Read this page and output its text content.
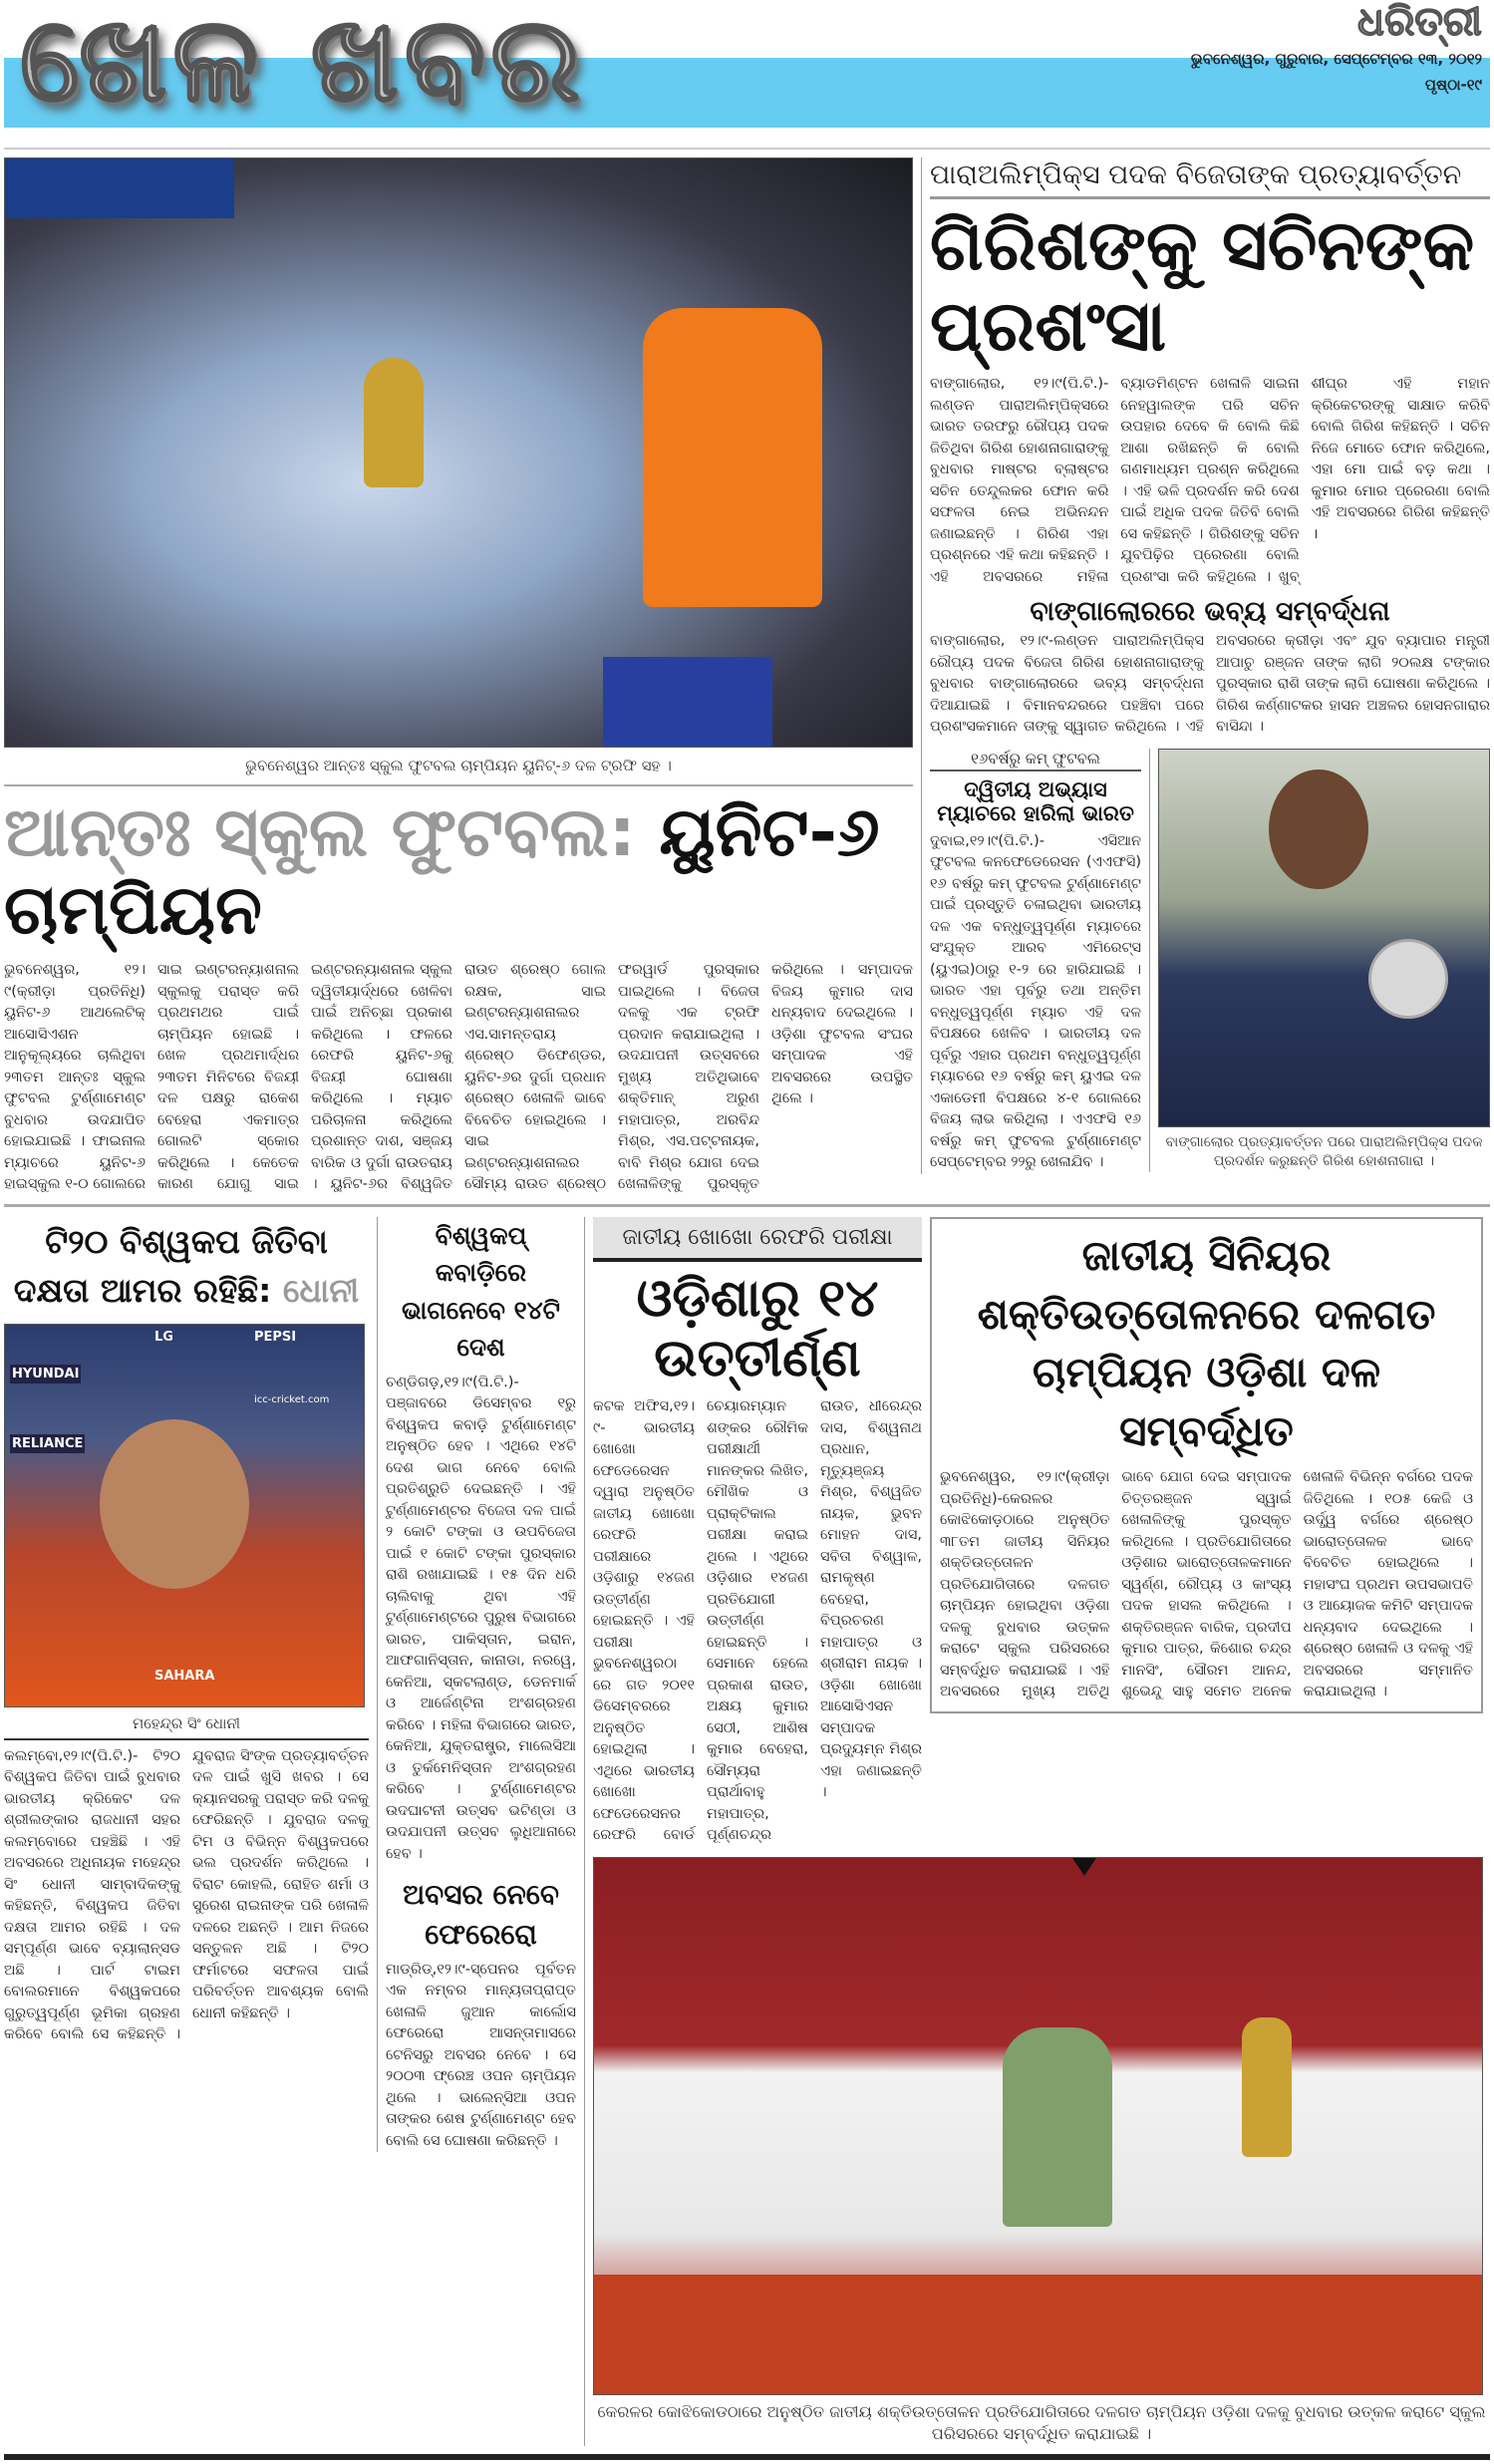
ଖେଳ ଖବର	ଧରିତ୍ରୀ
ଭୁବନେଶ୍ୱର, ଗୁରୁବାର, ସେପ୍ଟେମ୍ବର ୧୩, ୨୦୧୨
ପୃଷ୍ଠା-୧୯
ଭୁବନେଶ୍ୱର ଆନ୍ତଃ ସ୍କୁଲ ଫୁଟବଲ ଚାମ୍ପିୟନ ୟୁନିଟ୍-୬ ଦଳ ଟ୍ରଫି ସହ ।
ଆନ୍ତଃ ସ୍କୁଲ ଫୁଟବଲ: ୟୁନିଟ-୬ ଚାମ୍ପିୟନ
ଭୁବନେଶ୍ୱର, ୧୨।୯(କ୍ରୀଡ଼ା ପ୍ରତିନିଧି) ୟୁନିଟ-୬ ଆଥଲେଟିକ୍ ଆସୋସିଏଶନ ଆନୁକୂଲ୍ୟରେ ଚାଲିଥିବା ୨୩ତମ ଆନ୍ତଃ ସ୍କୁଲ ଫୁଟବଲ ଟୁର୍ଣ୍ଣାମେଣ୍ଟ ବୁଧବାର ଉଦଯାପିତ ହୋଇଯାଇଛି । ଫାଇନାଲ ମ୍ୟାଚରେ ୟୁନିଟ-୬ ହାଇସ୍କୁଲ ୧-୦ ଗୋଲରେ ସାଇ ଇଣ୍ଟରନ୍ୟାଶନାଲ ସ୍କୁଲକୁ ପରାସ୍ତ କରି ପ୍ରଥମଥର ପାଇଁ ଚାମ୍ପିୟନ ହୋଇଛି । ଖେଳ ପ୍ରଥମାର୍ଦ୍ଧର ୨୩ତମ ମିନିଟରେ ବିଜୟୀ ଦଳ ପକ୍ଷରୁ ରାକେଶ ବେହେରା ଏକମାତ୍ର ଗୋଲଟି ସ୍କୋର କରିଥିଲେ । କେତେକ କାରଣ ଯୋଗୁ ସାଇ ଇଣ୍ଟରନ୍ୟାଶନାଲ ସ୍କୁଲ ଦ୍ୱିତୀୟାର୍ଦ୍ଧରେ ଖେଳିବା ପାଇଁ ଅନିଚ୍ଛା ପ୍ରକାଶ କରିଥିଲେ । ଫଳରେ ରେଫରି ୟୁନିଟ-୬କୁ ବିଜୟୀ ଘୋଷଣା କରିଥିଲେ । ମ୍ୟାଚ ପରିଚାଳନା କରିଥିଲେ ପ୍ରଶାନ୍ତ ଦାଶ, ସଞ୍ଜୟ ବାରିକ ଓ ଦୁର୍ଗା ରାଉତରାୟ । ୟୁନିଟ-୬ର ବିଶ୍ୱଜିତ ରାଉତ ଶ୍ରେଷ୍ଠ ଗୋଲ ରକ୍ଷକ, ସାଇ ଇଣ୍ଟରନ୍ୟାଶନାଲର ଏସ.ସାମନ୍ତରାୟ ଶ୍ରେଷ୍ଠ ଡିଫେଣ୍ଡର, ୟୁନିଟ-୬ର ଦୁର୍ଗା ପ୍ରଧାନ ଶ୍ରେଷ୍ଠ ଖେଳାଳି ଭାବେ ବିବେଚିତ ହୋଇଥିଲେ । ସାଇ ଇଣ୍ଟରନ୍ୟାଶନାଲର ସୌମ୍ୟ ରାଉତ ଶ୍ରେଷ୍ଠ ଫରୱାର୍ଡ ପୁରସ୍କାର ପାଇଥିଲେ । ବିଜେତା ଦଳକୁ ଏକ ଟ୍ରଫି ପ୍ରଦାନ କରାଯାଇଥିଲା । ଉଦଯାପନୀ ଉତ୍ସବରେ ମୁଖ୍ୟ ଅତିଥିଭାବେ ଶକ୍ତିମାନ୍ ଅରୁଣ ମହାପାତ୍ର, ଅରବିନ୍ଦ ମିଶ୍ର, ଏସ.ପଟ୍ଟନାୟକ, ବାବି ମିଶ୍ର ଯୋଗ ଦେଇ ଖେଳାଳିଙ୍କୁ ପୁରସ୍କୃତ କରିଥିଲେ । ସମ୍ପାଦକ ବିଜୟ କୁମାର ଦାସ ଧନ୍ୟବାଦ ଦେଇଥିଲେ । ଓଡ଼ିଶା ଫୁଟବଲ ସଂଘର ସମ୍ପାଦକ ଏହି ଅବସରରେ ଉପସ୍ଥିତ ଥିଲେ ।
ପାରାଅଲିମ୍ପିକ୍ସ ପଦକ ବିଜେତାଙ୍କ ପ୍ରତ୍ୟାବର୍ତ୍ତନ
ଗିରିଶଙ୍କୁ ସଚିନଙ୍କ ପ୍ରଶଂସା
ବାଙ୍ଗାଲୋର, ୧୨।୯(ପି.ଟି.)- ଲଣ୍ଡନ ପାରାଅଲିମ୍ପିକ୍ସରେ ଭାରତ ତରଫରୁ ରୌପ୍ୟ ପଦକ ଜିତିଥିବା ଗିରିଶ ହୋଶନାଗାରାଙ୍କୁ ବୁଧବାର ମାଷ୍ଟର ବ୍ଲାଷ୍ଟର ସଚିନ ତେନ୍ଦୁଲକର ଫୋନ କରି ସଫଳତା ନେଇ ଅଭିନନ୍ଦନ ଜଣାଇଛନ୍ତି । ଗିରିଶ ଏହା ପ୍ରଶ୍ନରେ ଏହି କଥା କହିଛନ୍ତି । ଏହି ଅବସରରେ ମହିଳା ବ୍ୟାଡମିଣ୍ଟନ ଖେଳାଳି ସାଇନା ନେହୱାଲଙ୍କ ପରି ସଚିନ ଉପହାର ଦେବେ କି ବୋଲି କିଛି ଆଶା ରଖିଛନ୍ତି କି ବୋଲି ଗଣମାଧ୍ୟମ ପ୍ରଶ୍ନ କରିଥିଲେ । ଏହି ଭଳି ପ୍ରଦର୍ଶନ କରି ଦେଶ ପାଇଁ ଅଧିକ ପଦକ ଜିତିବି ବୋଲି ସେ କହିଛନ୍ତି । ଗିରିଶଙ୍କୁ ସଚିନ ଯୁବପିଢ଼ିର ପ୍ରେରଣା ବୋଲି ପ୍ରଶଂସା କରି କହିଥିଲେ । ଖୁବ୍ ଶୀଘ୍ର ଏହି ମହାନ କ୍ରିକେଟରଙ୍କୁ ସାକ୍ଷାତ କରିବି ବୋଲି ଗିରିଶ କହିଛନ୍ତି । ସଚିନ ନିଜେ ମୋତେ ଫୋନ କରିଥିଲେ, ଏହା ମୋ ପାଇଁ ବଡ଼ କଥା । କୁମାର ମୋର ପ୍ରେରଣା ବୋଲି ଏହି ଅବସରରେ ଗିରିଶ କହିଛନ୍ତି ।
ବାଙ୍ଗାଲୋରରେ ଭବ୍ୟ ସମ୍ବର୍ଦ୍ଧନା
ବାଙ୍ଗାଲୋର, ୧୨।୯-ଲଣ୍ଡନ ପାରାଅଲିମ୍ପିକ୍ସ ରୌପ୍ୟ ପଦକ ବିଜେତା ଗିରିଶ ହୋଶନାଗାରାଙ୍କୁ ବୁଧବାର ବାଙ୍ଗାଲୋରରେ ଭବ୍ୟ ସମ୍ବର୍ଦ୍ଧନା ଦିଆଯାଇଛି । ବିମାନବନ୍ଦରରେ ପହଞ୍ଚିବା ପରେ ପ୍ରଶଂସକମାନେ ତାଙ୍କୁ ସ୍ୱାଗତ କରିଥିଲେ । ଏହି ଅବସରରେ କ୍ରୀଡ଼ା ଏବଂ ଯୁବ ବ୍ୟାପାର ମନ୍ତ୍ରୀ ଆପାଚୁ ରଞ୍ଜନ ତାଙ୍କ ଲାଗି ୨୦ଲକ୍ଷ ଟଙ୍କାର ପୁରସ୍କାର ରାଶି ତାଙ୍କ ଲାଗି ଘୋଷଣା କରିଥିଲେ । ଗିରିଶ କର୍ଣ୍ଣାଟକର ହାସନ ଅଞ୍ଚଳର ହୋସନଗାରାର ବାସିନ୍ଦା ।
୧୬ବର୍ଷରୁ କମ୍ ଫୁଟବଲ
ଦ୍ୱିତୀୟ ଅଭ୍ୟାସ ମ୍ୟାଚରେ ହାରିଲା ଭାରତ
ଦୁବାଇ,୧୨।୯(ପି.ଟି.)- ଏସିଆନ ଫୁଟବଲ କନଫେଡେରେସନ (ଏଏଫସି) ୧୬ ବର୍ଷରୁ କମ୍ ଫୁଟବଲ ଟୁର୍ଣ୍ଣାମେଣ୍ଟ ପାଇଁ ପ୍ରସ୍ତୁତି ଚଳାଇଥିବା ଭାରତୀୟ ଦଳ ଏକ ବନ୍ଧୁତ୍ୱପୂର୍ଣ୍ଣ ମ୍ୟାଚରେ ସଂଯୁକ୍ତ ଆରବ ଏମିରେଟ୍ସ (ୟୁଏଇ)ଠାରୁ ୧-୨ ରେ ହାରିଯାଇଛି । ଭାରତ ଏହା ପୂର୍ବରୁ ତଥା ଅନ୍ତିମ ବନ୍ଧୁତ୍ୱପୂର୍ଣ୍ଣ ମ୍ୟାଚ ଏହି ଦଳ ବିପକ୍ଷରେ ଖେଳିବ । ଭାରତୀୟ ଦଳ ପୂର୍ବରୁ ଏହାର ପ୍ରଥମ ବନ୍ଧୁତ୍ୱପୂର୍ଣ୍ଣ ମ୍ୟାଚରେ ୧୬ ବର୍ଷରୁ କମ୍ ୟୁଏଇ ଦଳ ଏକାଡେମୀ ବିପକ୍ଷରେ ୪-୧ ଗୋଲରେ ବିଜୟ ଲାଭ କରିଥିଲା । ଏଏଫସି ୧୬ ବର୍ଷରୁ କମ୍ ଫୁଟବଲ ଟୁର୍ଣ୍ଣାମେଣ୍ଟ ସେପ୍ଟେମ୍ବର ୨୨ରୁ ଖେଳାଯିବ ।
ବାଙ୍ଗାଲୋର ପ୍ରତ୍ୟାବର୍ତ୍ତନ ପରେ ପାରାଅଲିମ୍ପିକ୍ସ ପଦକ ପ୍ରଦର୍ଶନ କରୁଛନ୍ତି ଗିରିଶ ହୋଶନାଗାରା ।
ଟି୨୦ ବିଶ୍ୱକପ ଜିତିବା ଦକ୍ଷତା ଆମର ରହିଛି: ଧୋନୀ
HYUNDAI
RELIANCE
LG	PEPSI
SAHARA
icc-cricket.com
ମହେନ୍ଦ୍ର ସିଂ ଧୋନୀ
କଲମ୍ବୋ,୧୨।୯(ପି.ଟି.)- ଟି୨୦ ବିଶ୍ୱକପ ଜିତିବା ପାଇଁ ବୁଧବାର ଭାରତୀୟ କ୍ରିକେଟ ଦଳ ଶ୍ରୀଲଙ୍କାର ରାଜଧାନୀ ସହର କଲମ୍ବୋରେ ପହଞ୍ଚିଛି । ଏହି ଅବସରରେ ଅଧିନାୟକ ମହେନ୍ଦ୍ର ସିଂ ଧୋନୀ ସାମ୍ବାଦିକଙ୍କୁ କହିଛନ୍ତି, ବିଶ୍ୱକପ ଜିତିବା ଦକ୍ଷତା ଆମର ରହିଛି । ଦଳ ସମ୍ପୂର୍ଣ୍ଣ ଭାବେ ବ୍ୟାଲାନ୍ସଡ ଅଛି । ପାର୍ଟ ଟାଇମ ବୋଲରମାନେ ବିଶ୍ୱକପରେ ଗୁରୁତ୍ୱପୂର୍ଣ୍ଣ ଭୂମିକା ଗ୍ରହଣ କରିବେ ବୋଲି ସେ କହିଛନ୍ତି । ଯୁବରାଜ ସିଂଙ୍କ ପ୍ରତ୍ୟାବର୍ତ୍ତନ ଦଳ ପାଇଁ ଖୁସି ଖବର । ସେ କ୍ୟାନସରକୁ ପରାସ୍ତ କରି ଦଳକୁ ଫେରିଛନ୍ତି । ଯୁବରାଜ ଦଳକୁ ଟିମ ଓ ବିଭିନ୍ନ ବିଶ୍ୱକପରେ ଭଲ ପ୍ରଦର୍ଶନ କରିଥିଲେ । ବିରାଟ କୋହଲି, ରୋହିତ ଶର୍ମା ଓ ସୁରେଶ ରାଇନାଙ୍କ ପରି ଖେଳାଳି ଦଳରେ ଅଛନ୍ତି । ଆମ ନିଜରେ ସନ୍ତୁଳନ ଅଛି । ଟି୨୦ ଫର୍ମାଟରେ ସଫଳତା ପାଇଁ ପରିବର୍ତ୍ତନ ଆବଶ୍ୟକ ବୋଲି ଧୋନୀ କହିଛନ୍ତି ।
ବିଶ୍ୱକପ୍ କବାଡ଼ିରେ ଭାଗନେବେ ୧୪ଟି ଦେଶ
ଚଣ୍ଡିଗଡ଼,୧୨।୯(ପି.ଟି.)- ପଞ୍ଜାବରେ ଡିସେମ୍ବର ୧ରୁ ବିଶ୍ୱକପ କବାଡ଼ି ଟୁର୍ଣ୍ଣାମେଣ୍ଟ ଅନୁଷ୍ଠିତ ହେବ । ଏଥିରେ ୧୪ଟି ଦେଶ ଭାଗ ନେବେ ବୋଲି ପ୍ରତିଶ୍ରୁତି ଦେଇଛନ୍ତି । ଏହି ଟୁର୍ଣ୍ଣାମେଣ୍ଟର ବିଜେତା ଦଳ ପାଇଁ ୨ କୋଟି ଟଙ୍କା ଓ ଉପବିଜେତା ପାଇଁ ୧ କୋଟି ଟଙ୍କା ପୁରସ୍କାର ରାଶି ରଖାଯାଇଛି । ୧୫ ଦିନ ଧରି ଚାଲିବାକୁ ଥିବା ଏହି ଟୁର୍ଣ୍ଣାମେଣ୍ଟରେ ପୁରୁଷ ବିଭାଗରେ ଭାରତ, ପାକିସ୍ତାନ, ଇରାନ, ଆଫଗାନିସ୍ତାନ, କାନାଡା, ନରୱେ, କେନିଆ, ସ୍କଟଲାଣ୍ଡ, ଡେନମାର୍କ ଓ ଆର୍ଜେଣ୍ଟିନା ଅଂଶଗ୍ରହଣ କରିବେ । ମହିଳା ବିଭାଗରେ ଭାରତ, କେନିଆ, ଯୁକ୍ତରାଷ୍ଟ୍ର, ମାଲେସିଆ ଓ ତୁର୍କମେନିସ୍ତାନ ଅଂଶଗ୍ରହଣ କରିବେ । ଟୁର୍ଣ୍ଣାମେଣ୍ଟର ଉଦଘାଟନୀ ଉତ୍ସବ ଭଟିଣ୍ଡା ଓ ଉଦଯାପନୀ ଉତ୍ସବ ଲୁଧିଆନାରେ ହେବ ।
ଅବସର ନେବେ ଫେରେରୋ
ମାଡ୍ରିଡ୍,୧୨।୯-ସ୍ପେନର ପୂର୍ବତନ ଏକ ନମ୍ବର ମାନ୍ୟତାପ୍ରାପ୍ତ ଖେଳାଳି ଜୁଆନ କାର୍ଲୋସ ଫେରେରୋ ଆସନ୍ତାମାସରେ ଟେନିସରୁ ଅବସର ନେବେ । ସେ ୨୦୦୩ ଫ୍ରେଞ୍ଚ ଓପନ ଚାମ୍ପିୟନ ଥିଲେ । ଭାଲେନ୍ସିଆ ଓପନ ତାଙ୍କର ଶେଷ ଟୁର୍ଣ୍ଣାମେଣ୍ଟ ହେବ ବୋଲି ସେ ଘୋଷଣା କରିଛନ୍ତି ।
ଜାତୀୟ ଖୋଖୋ ରେଫରି ପରୀକ୍ଷା
ଓଡ଼ିଶାରୁ ୧୪ ଉତ୍ତୀର୍ଣ୍ଣ
କଟକ ଅଫିସ,୧୨।୯- ଭାରତୀୟ ଖୋଖୋ ଫେଡେରେସନ ଦ୍ୱାରା ଅନୁଷ୍ଠିତ ଜାତୀୟ ଖୋଖୋ ରେଫରି ପରୀକ୍ଷାରେ ଓଡ଼ିଶାରୁ ୧୪ଜଣ ଉତ୍ତୀର୍ଣ୍ଣ ହୋଇଛନ୍ତି । ଏହି ପରୀକ୍ଷା ଭୁବନେଶ୍ୱରଠାରେ ଗତ ୨୦୧୧ ଡିସେମ୍ବରରେ ଅନୁଷ୍ଠିତ ହୋଇଥିଲା । ଏଥିରେ ଭାରତୀୟ ଖୋଖୋ ଫେଡେରେସନର ରେଫରି ବୋର୍ଡ ଚେୟାରମ୍ୟାନ ଶଙ୍କର ରୌମିକ ପରୀକ୍ଷାର୍ଥୀ ମାନଙ୍କର ଲିଖିତ, ମୌଖିକ ଓ ପ୍ରାକ୍ଟିକାଲ ପରୀକ୍ଷା କରାଇ ଥିଲେ । ଏଥିରେ ଓଡ଼ିଶାର ୧୪ଜଣ ପ୍ରତିଯୋଗୀ ଉତ୍ତୀର୍ଣ୍ଣ ହୋଇଛନ୍ତି । ସେମାନେ ହେଲେ ପ୍ରକାଶ ରାଉତ, ଅକ୍ଷୟ କୁମାର ସେଠୀ, ଆଶିଷ କୁମାର ବେହେରା, ସୌମ୍ୟରା ପ୍ରାର୍ଥାବାହୁ ମହାପାତ୍ର, ପୂର୍ଣ୍ଣଚନ୍ଦ୍ର ରାଉତ, ଧୀରେନ୍ଦ୍ର ଦାସ, ବିଶ୍ୱନାଥ ପ୍ରଧାନ, ମୃତ୍ୟୁଞ୍ଜୟ ମିଶ୍ର, ବିଶ୍ୱଜିତ ନାୟକ, ଭୁବନ ମୋହନ ଦାସ, ସବିତା ବିଶ୍ୱାଳ, ରାମକୃଷ୍ଣ ବେହେରା, ବିପ୍ରଚରଣ ମହାପାତ୍ର ଓ ଶ୍ରୀରାମ ନାୟକ । ଓଡ଼ିଶା ଖୋଖୋ ଆସୋସିଏସନ ସମ୍ପାଦକ ପ୍ରଦ୍ୟୁମ୍ନ ମିଶ୍ର ଏହା ଜଣାଇଛନ୍ତି ।
ଜାତୀୟ ସିନିୟର ଶକ୍ତିଉତ୍ତୋଳନରେ ଦଳଗତ ଚାମ୍ପିୟନ ଓଡ଼ିଶା ଦଳ ସମ୍ବର୍ଦ୍ଧିତ
ଭୁବନେଶ୍ୱର, ୧୨।୯(କ୍ରୀଡ଼ା ପ୍ରତିନିଧି)-କେରଳର କୋଝିକୋଡ଼ଠାରେ ଅନୁଷ୍ଠିତ ୩୮ତମ ଜାତୀୟ ସିନିୟର ଶକ୍ତିଉତ୍ତୋଳନ ପ୍ରତିଯୋଗିତାରେ ଦଳଗତ ଚାମ୍ପିୟନ ହୋଇଥିବା ଓଡ଼ିଶା ଦଳକୁ ବୁଧବାର ଉତ୍କଳ କରାଟେ ସ୍କୁଲ ପରିସରରେ ସମ୍ବର୍ଦ୍ଧିତ କରାଯାଇଛି । ଏହି ଅବସରରେ ମୁଖ୍ୟ ଅତିଥି ଭାବେ ଯୋଗ ଦେଇ ସମ୍ପାଦକ ଚିତ୍ତରଞ୍ଜନ ସ୍ୱାଇଁ ଖେଳାଳିଙ୍କୁ ପୁରସ୍କୃତ କରିଥିଲେ । ପ୍ରତିଯୋଗିତାରେ ଓଡ଼ିଶାର ଭାରୋତ୍ତୋଳକମାନେ ସ୍ୱର୍ଣ୍ଣ, ରୌପ୍ୟ ଓ କାଂସ୍ୟ ପଦକ ହାସଲ କରିଥିଲେ । ଶକ୍ତିରଞ୍ଜନ ବାରିକ, ପ୍ରଦୀପ କୁମାର ପାତ୍ର, କିଶୋର ଚନ୍ଦ୍ର ମାନସିଂ, ସୌରମ ଆନନ୍ଦ, ଶୁଭେନ୍ଦୁ ସାହୁ ସମେତ ଅନେକ ଖେଳାଳି ବିଭିନ୍ନ ବର୍ଗରେ ପଦକ ଜିତିଥିଲେ । ୧୦୫ କେଜି ଓ ଉର୍ଦ୍ଧ୍ୱ ବର୍ଗରେ ଶ୍ରେଷ୍ଠ ଭାରୋତ୍ତୋଳକ ଭାବେ ବିବେଚିତ ହୋଇଥିଲେ । ମହାସଂଘ ପ୍ରଥମ ଉପସଭାପତି ଓ ଆୟୋଜକ କମିଟି ସମ୍ପାଦକ ଧନ୍ୟବାଦ ଦେଇଥିଲେ । ଶ୍ରେଷ୍ଠ ଖେଳାଳି ଓ ଦଳକୁ ଏହି ଅବସରରେ ସମ୍ମାନିତ କରାଯାଇଥିଲା ।
କେରଳର କୋଝିକୋଡଠାରେ ଅନୁଷ୍ଠିତ ଜାତୀୟ ଶକ୍ତିଉତ୍ତୋଳନ ପ୍ରତିଯୋଗିତାରେ ଦଳଗତ ଚାମ୍ପିୟନ ଓଡ଼ିଶା ଦଳକୁ ବୁଧବାର ଉତ୍କଳ କରାଟେ ସ୍କୁଲ ପରିସରରେ ସମ୍ବର୍ଦ୍ଧିତ କରାଯାଇଛି ।
